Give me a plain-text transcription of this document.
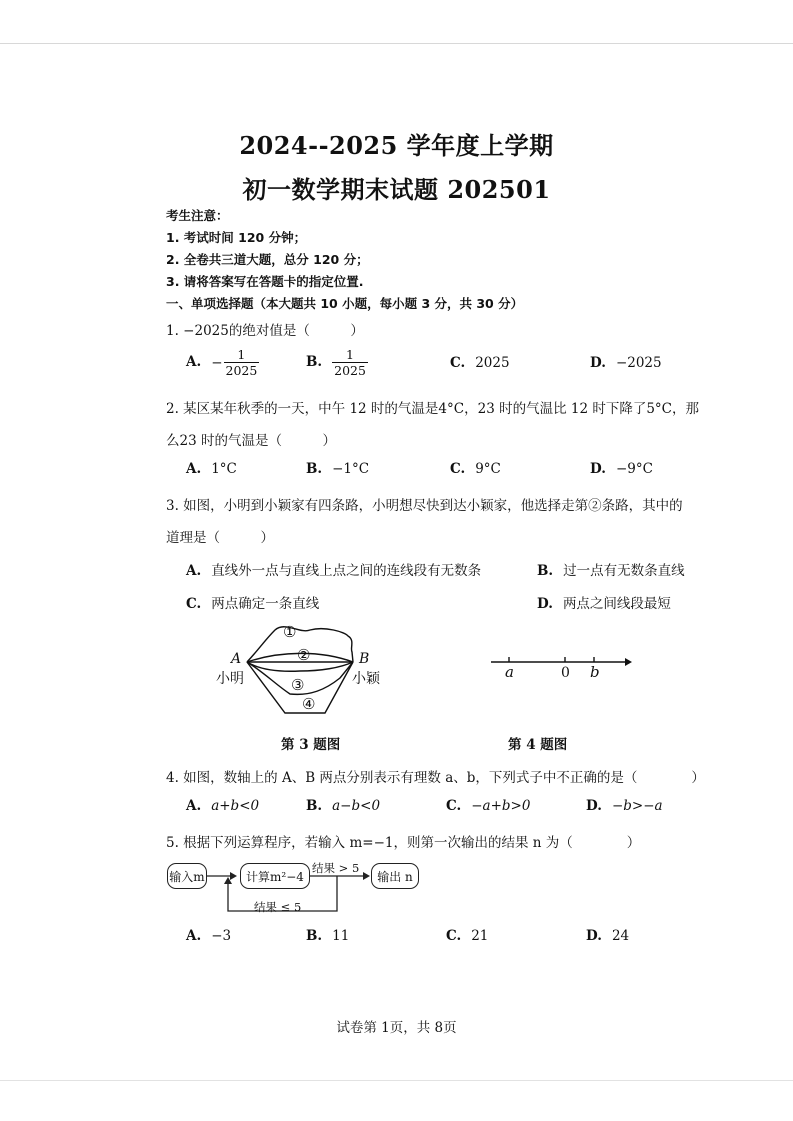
2024--2025 学年度上学期
初一数学期末试题 202501
考生注意：
1. 考试时间 120 分钟；
2. 全卷共三道大题，总分 120 分；
3. 请将答案写在答题卡的指定位置.
一、单项选择题（本大题共 10 小题，每小题 3 分，共 30 分）
1. −2025的绝对值是（　　　）
A. − $\frac{1}{2025}$	B. $\frac{1}{2025}$	C. 2025	D. −2025
2. 某区某年秋季的一天，中午 12 时的气温是4°C，23 时的气温比 12 时下降了5°C，那
么23 时的气温是（　　　）
A. 1°C	B. −1°C	C. 9°C	D. −9°C
3. 如图，小明到小颖家有四条路，小明想尽快到达小颖家，他选择走第②条路，其中的
道理是（　　　）
A. 直线外一点与直线上点之间的连线段有无数条	B. 过一点有无数条直线
C. 两点确定一条直线	D. 两点之间线段最短
①
②
③
④
A	B
小明	小颖
第 3 题图
a	0 b
第 4 题图
4. 如图，数轴上的 A、B 两点分别表示有理数 a、b，下列式子中不正确的是（　　　　）
A. a+b<0	B. a−b<0	C. −a+b>0	D. −b>−a
5. 根据下列运算程序，若输入 m=−1，则第一次输出的结果 n 为（　　　　）
输入m	计算m²−4	输出 n
结果 > 5
结果 ≤ 5
A. −3	B. 11	C. 21	D. 24
试卷第 1页，共 8页
